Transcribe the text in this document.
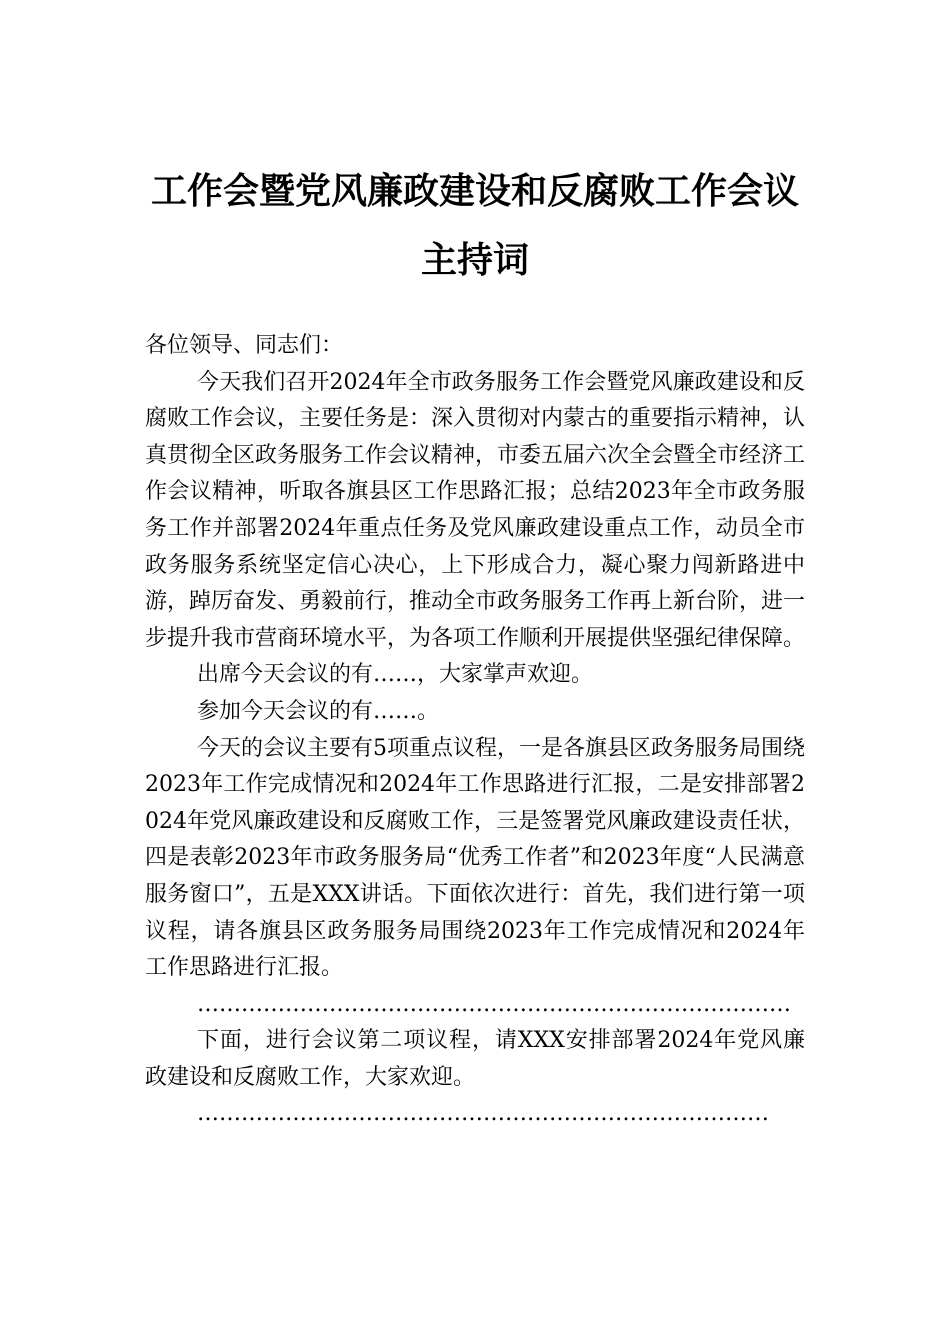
工作会暨党风廉政建设和反腐败工作会议
主持词

各位领导、同志们：

今天我们召开2024年全市政务服务工作会暨党风廉政建设和反腐败工作会议，主要任务是：深入贯彻对内蒙古的重要指示精神，认真贯彻全区政务服务工作会议精神，市委五届六次全会暨全市经济工作会议精神，听取各旗县区工作思路汇报；总结2023年全市政务服务工作并部署2024年重点任务及党风廉政建设重点工作，动员全市政务服务系统坚定信心决心，上下形成合力，凝心聚力闯新路进中游，踔厉奋发、勇毅前行，推动全市政务服务工作再上新台阶，进一步提升我市营商环境水平，为各项工作顺利开展提供坚强纪律保障。

出席今天会议的有……，大家掌声欢迎。

参加今天会议的有……。

今天的会议主要有5项重点议程，一是各旗县区政务服务局围绕2023年工作完成情况和2024年工作思路进行汇报，二是安排部署2024年党风廉政建设和反腐败工作，三是签署党风廉政建设责任状，四是表彰2023年市政务服务局“优秀工作者”和2023年度“人民满意服务窗口”，五是XXX讲话。下面依次进行：首先，我们进行第一项议程，请各旗县区政务服务局围绕2023年工作完成情况和2024年工作思路进行汇报。

………………………………………………………………………

下面，进行会议第二项议程，请XXX安排部署2024年党风廉政建设和反腐败工作，大家欢迎。

……………………………………………………………………
